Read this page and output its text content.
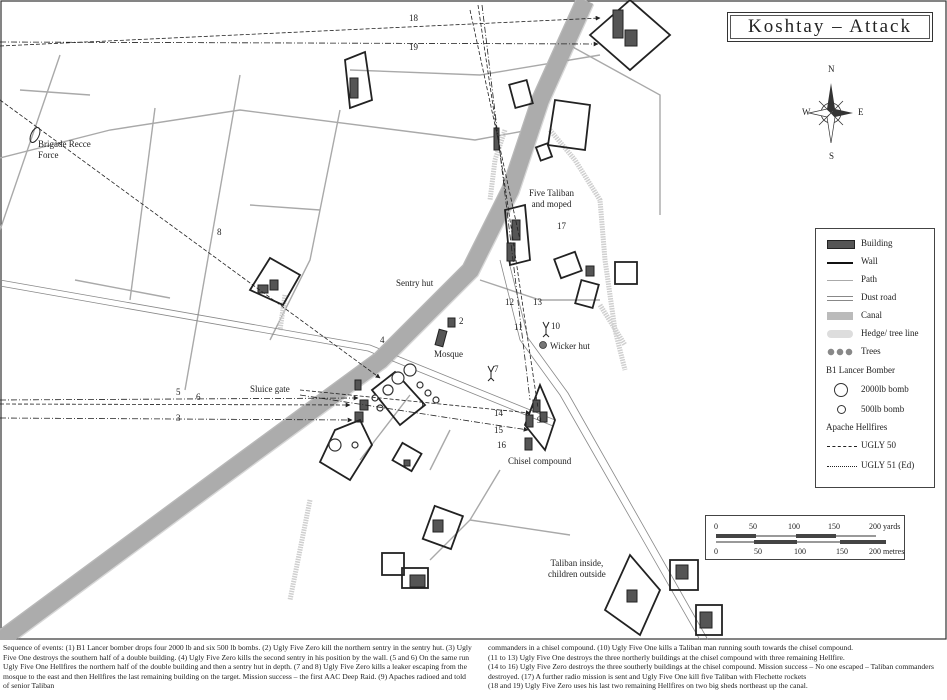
Koshtay – Attack
N
S
E
W
Brigade Recce
Force
Sentry hut
Mosque
Sluice gate
Wicker hut
Chisel compound
Five Taliban
and moped
Taliban inside,
children outside
18
19
8
5 6
3
4
2
1
7
12 13
11	10
14
15
16
9
17
Building
Wall
Path
Dust road
Canal
Hedge/ tree line
Trees
B1 Lancer Bomber
2000lb bomb
500lb bomb
Apache Hellfires
UGLY 50
UGLY 51 (Ed)
0	50	100	150	200 yards
0	50	100	150	200 metres

Sequence of events: (1) B1 Lancer bomber drops four 2000 lb and six 500 lb bombs. (2) Ugly Five Zero kill the northern sentry in the sentry hut. (3) Ugly Five One destroys the southern half of a double building. (4) Ugly Five Zero kills the second sentry in his position by the wall. (5 and 6) On the same run Ugly Five One Hellfires the northern half of the double building and then a sentry hut in depth. (7 and 8) Ugly Five Zero kills a leaker escaping from the mosque to the east and then Hellfires the last remaining building on the target. Mission success – the first AAC Deep Raid. (9) Apaches radioed and told of senior Taliban

commanders in a chisel compound. (10) Ugly Five One kills a Taliban man running south towards the chisel compound.

(11 to 13) Ugly Five One destroys the three northerly buildings at the chisel compound with three remaining Hellfire.

(14 to 16) Ugly Five Zero destroys the three southerly buildings at the chisel compound. Mission success – No one escaped – Taliban commanders destroyed. (17) A further radio mission is sent and Ugly Five One kill five Taliban with Flechette rockets

(18 and 19) Ugly Five Zero uses his last two remaining Hellfires on two big sheds northeast up the canal.
